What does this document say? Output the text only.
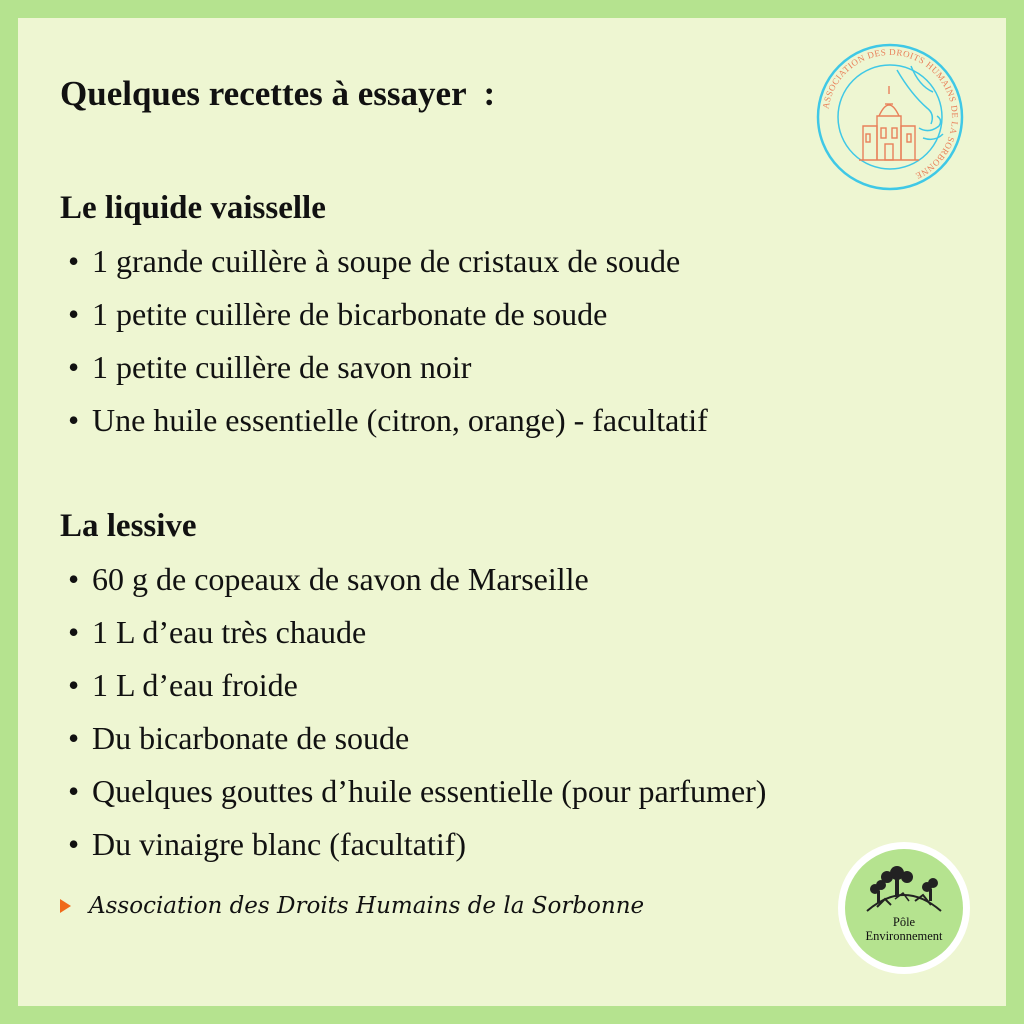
Quelques recettes à essayer  :	ASSOCIATION DES DROITS HUMAINS DE LA SORBONNE
Le liquide vaisselle
• 1 grande cuillère à soupe de cristaux de soude
• 1 petite cuillère de bicarbonate de soude
• 1 petite cuillère de savon noir
• Une huile essentielle (citron, orange) - facultatif
La lessive
• 60 g de copeaux de savon de Marseille
• 1 L d’eau très chaude
• 1 L d’eau froide
• Du bicarbonate de soude
• Quelques gouttes d’huile essentielle (pour parfumer)
• Du vinaigre blanc (facultatif)
Association des Droits Humains de la Sorbonne
Pôle
Environnement
